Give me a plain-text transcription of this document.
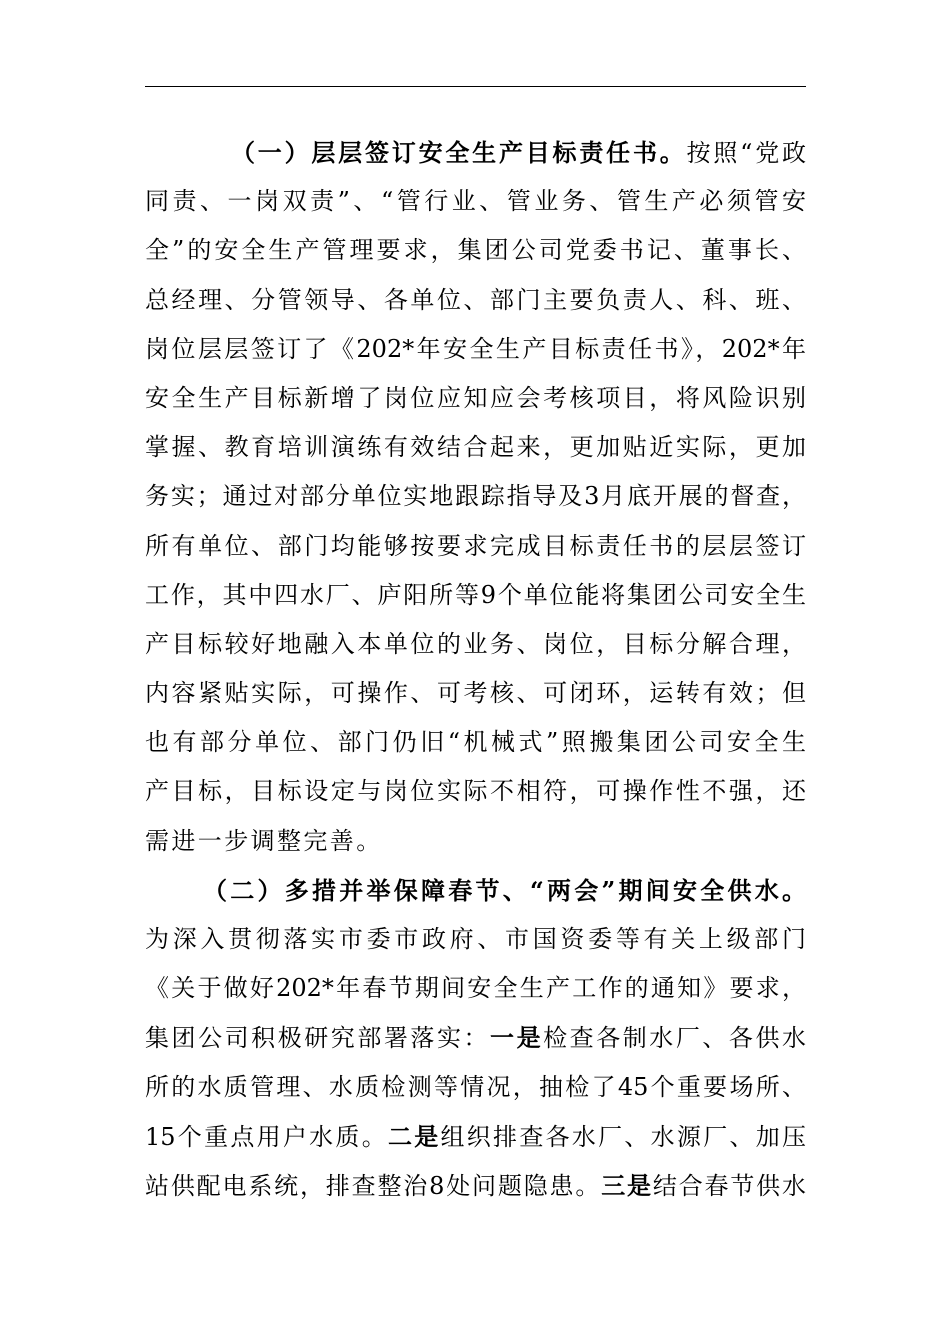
（一）层层签订安全生产目标责任书。按照“党政
同责、一岗双责”、“管行业、管业务、管生产必须管安
全”的安全生产管理要求，集团公司党委书记、董事长、
总经理、分管领导、各单位、部门主要负责人、科、班、
岗位层层签订了《202*年安全生产目标责任书》，202*年
安全生产目标新增了岗位应知应会考核项目，将风险识别
掌握、教育培训演练有效结合起来，更加贴近实际，更加
务实；通过对部分单位实地跟踪指导及3月底开展的督查，
所有单位、部门均能够按要求完成目标责任书的层层签订
工作，其中四水厂、庐阳所等9个单位能将集团公司安全生
产目标较好地融入本单位的业务、岗位，目标分解合理，
内容紧贴实际，可操作、可考核、可闭环，运转有效；但
也有部分单位、部门仍旧“机械式”照搬集团公司安全生
产目标，目标设定与岗位实际不相符，可操作性不强，还
需进一步调整完善。
（二）多措并举保障春节、“两会”期间安全供水。
为深入贯彻落实市委市政府、市国资委等有关上级部门
《关于做好202*年春节期间安全生产工作的通知》要求，
集团公司积极研究部署落实：一是检查各制水厂、各供水
所的水质管理、水质检测等情况，抽检了45个重要场所、
15个重点用户水质。二是组织排查各水厂、水源厂、加压
站供配电系统，排查整治8处问题隐患。三是结合春节供水
